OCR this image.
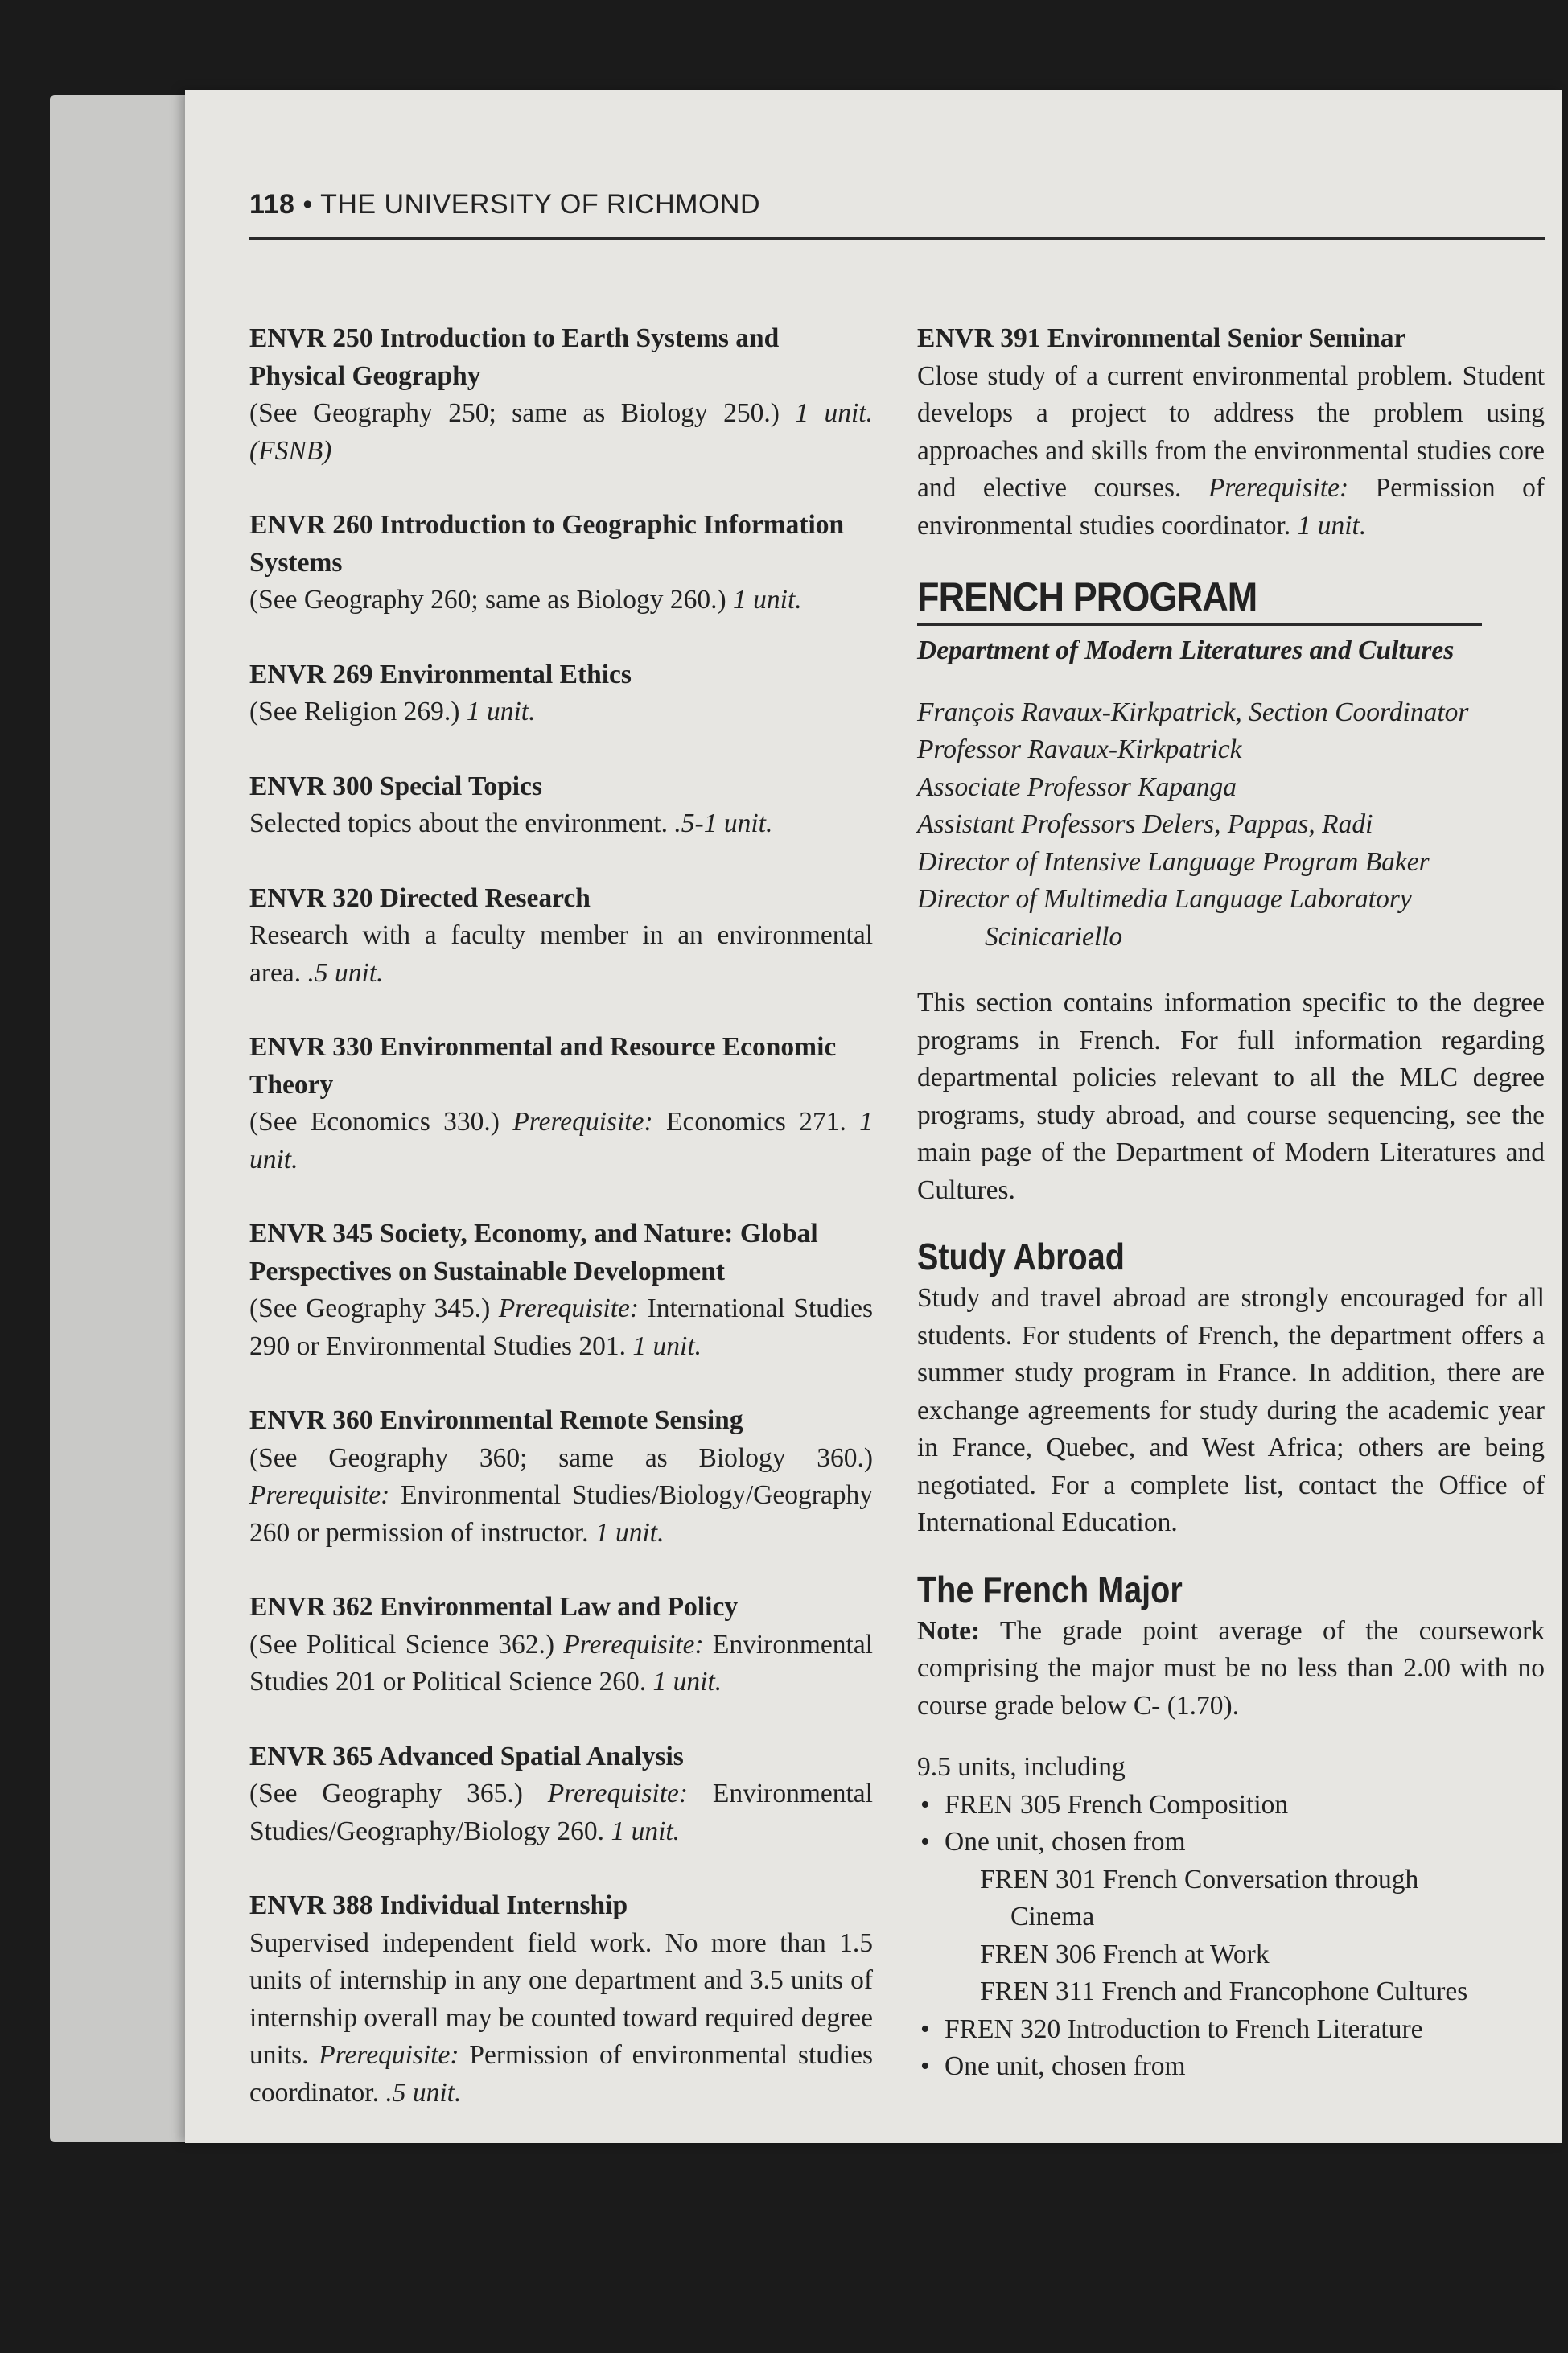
118 • THE UNIVERSITY OF RICHMOND
ENVR 250 Introduction to Earth Systems and Physical Geography
(See Geography 250; same as Biology 250.) 1 unit. (FSNB)
ENVR 260 Introduction to Geographic Information Systems
(See Geography 260; same as Biology 260.) 1 unit.
ENVR 269 Environmental Ethics
(See Religion 269.) 1 unit.
ENVR 300 Special Topics
Selected topics about the environment. .5-1 unit.
ENVR 320 Directed Research
Research with a faculty member in an environmental area. .5 unit.
ENVR 330 Environmental and Resource Economic Theory
(See Economics 330.) Prerequisite: Economics 271. 1 unit.
ENVR 345 Society, Economy, and Nature: Global Perspectives on Sustainable Development
(See Geography 345.) Prerequisite: International Studies 290 or Environmental Studies 201. 1 unit.
ENVR 360 Environmental Remote Sensing
(See Geography 360; same as Biology 360.) Prerequisite: Environmental Studies/Biology/Geography 260 or permission of instructor. 1 unit.
ENVR 362 Environmental Law and Policy
(See Political Science 362.) Prerequisite: Environmental Studies 201 or Political Science 260. 1 unit.
ENVR 365 Advanced Spatial Analysis
(See Geography 365.) Prerequisite: Environmental Studies/Geography/Biology 260. 1 unit.
ENVR 388 Individual Internship
Supervised independent field work. No more than 1.5 units of internship in any one department and 3.5 units of internship overall may be counted toward required degree units. Prerequisite: Permission of environmental studies coordinator. .5 unit.
ENVR 391 Environmental Senior Seminar
Close study of a current environmental problem. Student develops a project to address the problem using approaches and skills from the environmental studies core and elective courses. Prerequisite: Permission of environmental studies coordinator. 1 unit.
FRENCH PROGRAM
Department of Modern Literatures and Cultures
François Ravaux-Kirkpatrick, Section Coordinator
Professor Ravaux-Kirkpatrick
Associate Professor Kapanga
Assistant Professors Delers, Pappas, Radi
Director of Intensive Language Program Baker
Director of Multimedia Language Laboratory
Scinicariello
This section contains information specific to the degree programs in French. For full information regarding departmental policies relevant to all the MLC degree programs, study abroad, and course sequencing, see the main page of the Department of Modern Literatures and Cultures.
Study Abroad
Study and travel abroad are strongly encouraged for all students. For students of French, the department offers a summer study program in France. In addition, there are exchange agreements for study during the academic year in France, Quebec, and West Africa; others are being negotiated. For a complete list, contact the Office of International Education.
The French Major
Note: The grade point average of the coursework comprising the major must be no less than 2.00 with no course grade below C- (1.70).
9.5 units, including
• FREN 305 French Composition
• One unit, chosen from
FREN 301 French Conversation through
Cinema
FREN 306 French at Work
FREN 311 French and Francophone Cultures
• FREN 320 Introduction to French Literature
• One unit, chosen from
